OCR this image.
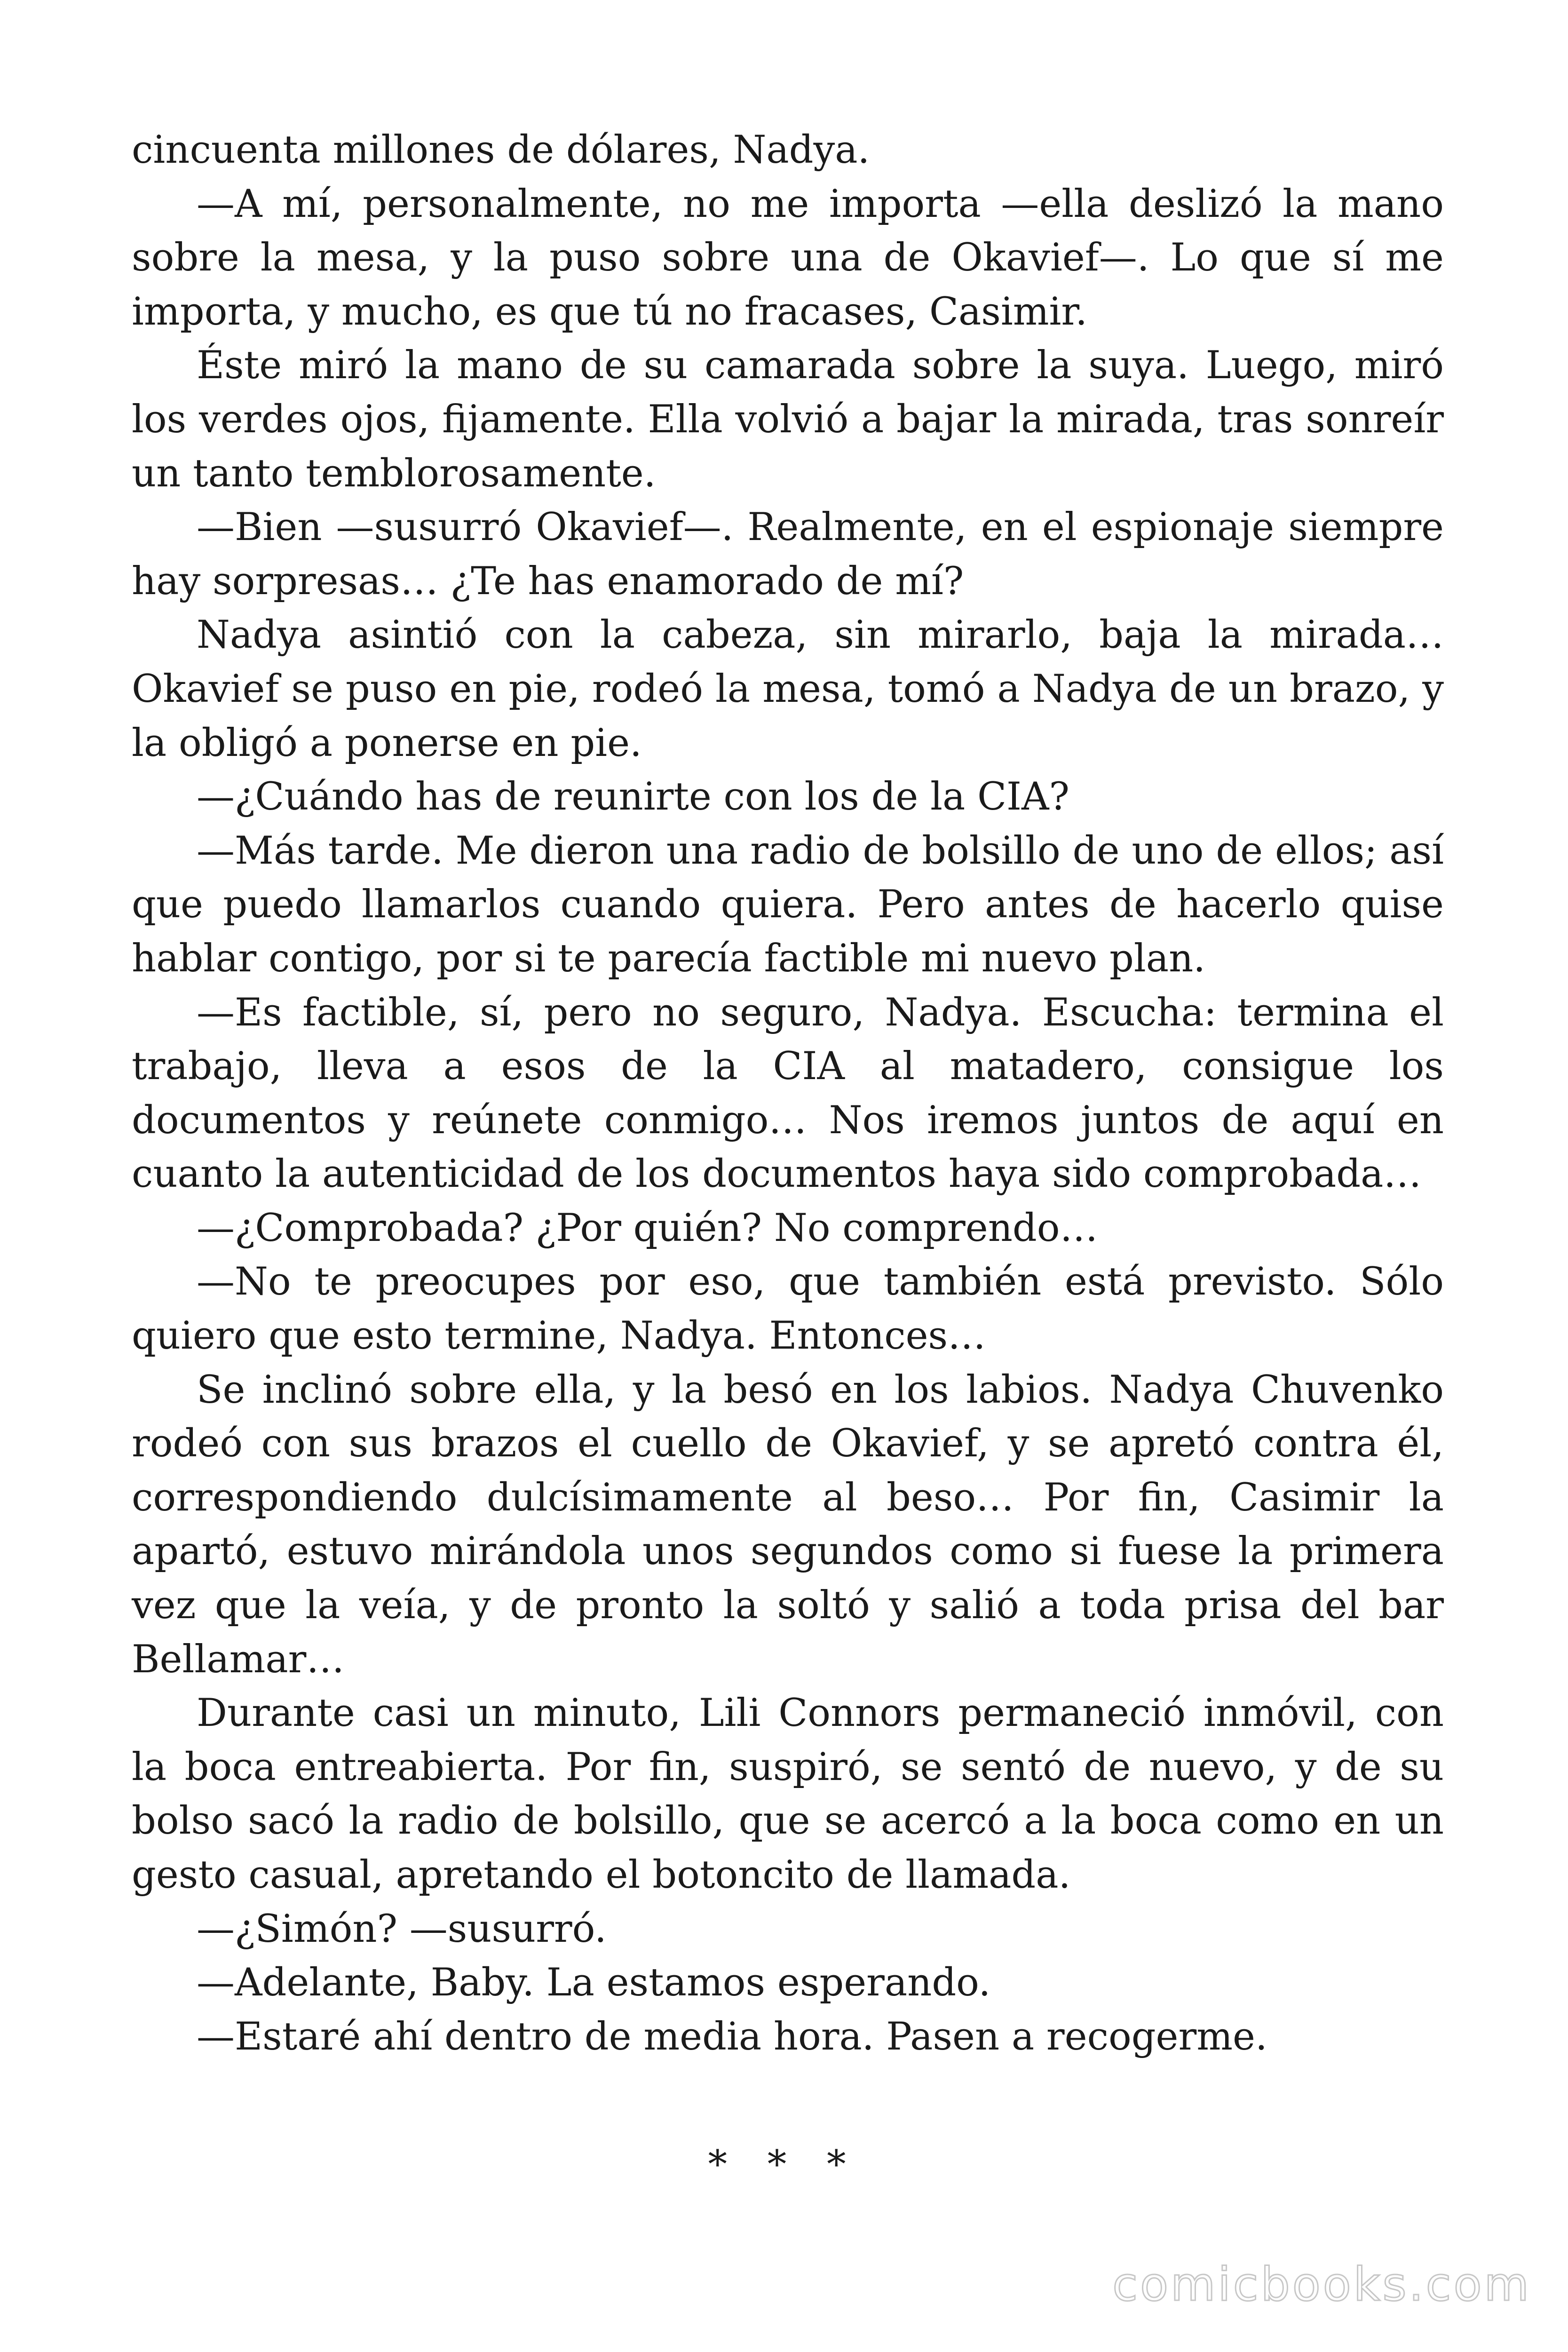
cincuenta millones de dólares, Nadya.

—A mí, personalmente, no me importa —ella deslizó la mano sobre la mesa, y la puso sobre una de Okavief—. Lo que sí me importa, y mucho, es que tú no fracases, Casimir.

Éste miró la mano de su camarada sobre la suya. Luego, miró los verdes ojos, fijamente. Ella volvió a bajar la mirada, tras sonreír un tanto temblorosamente.

—Bien —susurró Okavief—. Realmente, en el espionaje siempre hay sorpresas… ¿Te has enamorado de mí?

Nadya asintió con la cabeza, sin mirarlo, baja la mirada… Okavief se puso en pie, rodeó la mesa, tomó a Nadya de un brazo, y la obligó a ponerse en pie.

—¿Cuándo has de reunirte con los de la CIA?

—Más tarde. Me dieron una radio de bolsillo de uno de ellos; así que puedo llamarlos cuando quiera. Pero antes de hacerlo quise hablar contigo, por si te parecía factible mi nuevo plan.

—Es factible, sí, pero no seguro, Nadya. Escucha: termina el trabajo, lleva a esos de la CIA al matadero, consigue los documentos y reúnete conmigo… Nos iremos juntos de aquí en cuanto la autenticidad de los documentos haya sido comprobada…

—¿Comprobada? ¿Por quién? No comprendo…

—No te preocupes por eso, que también está previsto. Sólo quiero que esto termine, Nadya. Entonces…

Se inclinó sobre ella, y la besó en los labios. Nadya Chuvenko rodeó con sus brazos el cuello de Okavief, y se apretó contra él, correspondiendo dulcísimamente al beso… Por fin, Casimir la apartó, estuvo mirándola unos segundos como si fuese la primera vez que la veía, y de pronto la soltó y salió a toda prisa del bar Bellamar…

Durante casi un minuto, Lili Connors permaneció inmóvil, con la boca entreabierta. Por fin, suspiró, se sentó de nuevo, y de su bolso sacó la radio de bolsillo, que se acercó a la boca como en un gesto casual, apretando el botoncito de llamada.

—¿Simón? —susurró.

—Adelante, Baby. La estamos esperando.

—Estaré ahí dentro de media hora. Pasen a recogerme.

* * *
comicbooks.com
